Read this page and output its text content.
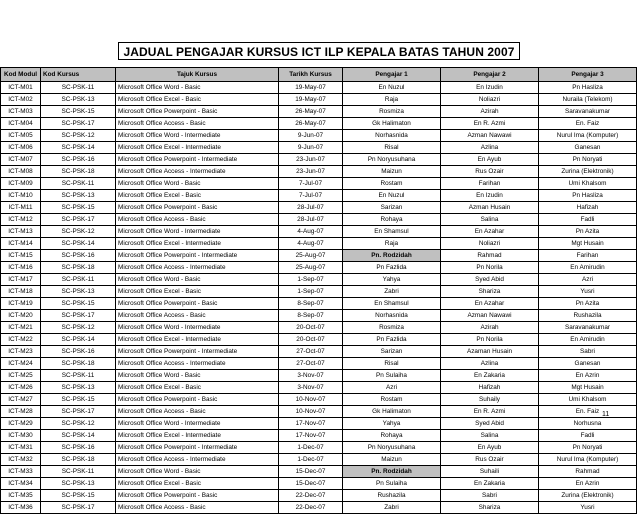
JADUAL PENGAJAR KURSUS ICT ILP KEPALA BATAS TAHUN 2007
Kod Modul	Kod Kursus	Tajuk Kursus	Tarikh Kursus	Pengajar 1	Pengajar 2	Pengajar 3
ICT-M01	SC-PSK-11	Microsoft Office Word - Basic	19-May-07	En Nuzul	En Izudin	Pn Hasliza
ICT-M02	SC-PSK-13	Microsoft Office Excel - Basic	19-May-07	Raja	Noliazri	Nuraila (Telekom)
ICT-M03	SC-PSK-15	Microsoft Office Powerpoint - Basic	26-May-07	Rosmiza	Azirah	Saravanakumar
ICT-M04	SC-PSK-17	Microsoft Office Access - Basic	26-May-07	Gk Halimaton	En R. Azmi	En. Faiz
ICT-M05	SC-PSK-12	Microsoft Office Word - Intermediate	9-Jun-07	Norhasnida	Azman Nawawi	Nurul Ima (Komputer)
ICT-M06	SC-PSK-14	Microsoft Office Excel - Intermediate	9-Jun-07	Risal	Azlina	Ganesan
ICT-M07	SC-PSK-16	Microsoft Office Powerpoint - Intermediate	23-Jun-07	Pn Noryusuhana	En Ayub	Pn Noryati
ICT-M08	SC-PSK-18	Microsoft Office Access - Intermediate	23-Jun-07	Maizun	Rus Ozair	Zurina (Elektronik)
ICT-M09	SC-PSK-11	Microsoft Office Word - Basic	7-Jul-07	Rostam	Farihan	Umi Khalsom
ICT-M10	SC-PSK-13	Microsoft Office Excel - Basic	7-Jul-07	En Nuzul	En Izudin	Pn Hasliza
ICT-M11	SC-PSK-15	Microsoft Office Powerpoint - Basic	28-Jul-07	Sarizan	Azman Husain	Hafizah
ICT-M12	SC-PSK-17	Microsoft Office Access - Basic	28-Jul-07	Rohaya	Salina	Fadli
ICT-M13	SC-PSK-12	Microsoft Office Word - Intermediate	4-Aug-07	En Shamsul	En Azahar	Pn Azita
ICT-M14	SC-PSK-14	Microsoft Office Excel - Intermediate	4-Aug-07	Raja	Noliazri	Mgt Husain
ICT-M15	SC-PSK-16	Microsoft Office Powerpoint - Intermediate	25-Aug-07	Pn. Rodzidah	Rahmad	Farihan
ICT-M16	SC-PSK-18	Microsoft Office Access - Intermediate	25-Aug-07	Pn Fazlida	Pn Norila	En Amirudin
ICT-M17	SC-PSK-11	Microsoft Office Word - Basic	1-Sep-07	Yahya	Syed Abid	Azri
ICT-M18	SC-PSK-13	Microsoft Office Excel - Basic	1-Sep-07	Zabri	Shariza	Yusri
ICT-M19	SC-PSK-15	Microsoft Office Powerpoint - Basic	8-Sep-07	En Shamsul	En Azahar	Pn Azita
ICT-M20	SC-PSK-17	Microsoft Office Access - Basic	8-Sep-07	Norhasnida	Azman Nawawi	Rushazila
ICT-M21	SC-PSK-12	Microsoft Office Word - Intermediate	20-Oct-07	Rosmiza	Azirah	Saravanakumar
ICT-M22	SC-PSK-14	Microsoft Office Excel - Intermediate	20-Oct-07	Pn Fazlida	Pn Norila	En Amirudin
ICT-M23	SC-PSK-16	Microsoft Office Powerpoint - Intermediate	27-Oct-07	Sarizan	Azaman Husain	Sabri
ICT-M24	SC-PSK-18	Microsoft Office Access - Intermediate	27-Oct-07	Risal	Azlina	Ganesan
ICT-M25	SC-PSK-11	Microsoft Office Word - Basic	3-Nov-07	Pn Sulaiha	En Zakaria	En Azrin
ICT-M26	SC-PSK-13	Microsoft Office Excel - Basic	3-Nov-07	Azri	Hafizah	Mgt Husain
ICT-M27	SC-PSK-15	Microsoft Office Powerpoint - Basic	10-Nov-07	Rostam	Suhaily	Umi Khalsom
ICT-M28	SC-PSK-17	Microsoft Office Access - Basic	10-Nov-07	Gk Halimaton	En R. Azmi	En. Faiz
ICT-M29	SC-PSK-12	Microsoft Office Word - Intermediate	17-Nov-07	Yahya	Syed Abid	Norhusna
ICT-M30	SC-PSK-14	Microsoft Office Excel - Intermediate	17-Nov-07	Rohaya	Salina	Fadli
ICT-M31	SC-PSK-16	Microsoft Office Powerpoint - Intermediate	1-Dec-07	Pn Noryusuhana	En Ayub	Pn Noryati
ICT-M32	SC-PSK-18	Microsoft Office Access - Intermediate	1-Dec-07	Maizun	Rus Ozair	Nurul Ima (Komputer)
ICT-M33	SC-PSK-11	Microsoft Office Word - Basic	15-Dec-07	Pn. Rodzidah	Suhaili	Rahmad
ICT-M34	SC-PSK-13	Microsoft Office Excel - Basic	15-Dec-07	Pn Sulaiha	En Zakaria	En Azrin
ICT-M35	SC-PSK-15	Microsoft Office Powerpoint - Basic	22-Dec-07	Rushazila	Sabri	Zurina (Elektronik)
ICT-M36	SC-PSK-17	Microsoft Office Access - Basic	22-Dec-07	Zabri	Shariza	Yusri
11
